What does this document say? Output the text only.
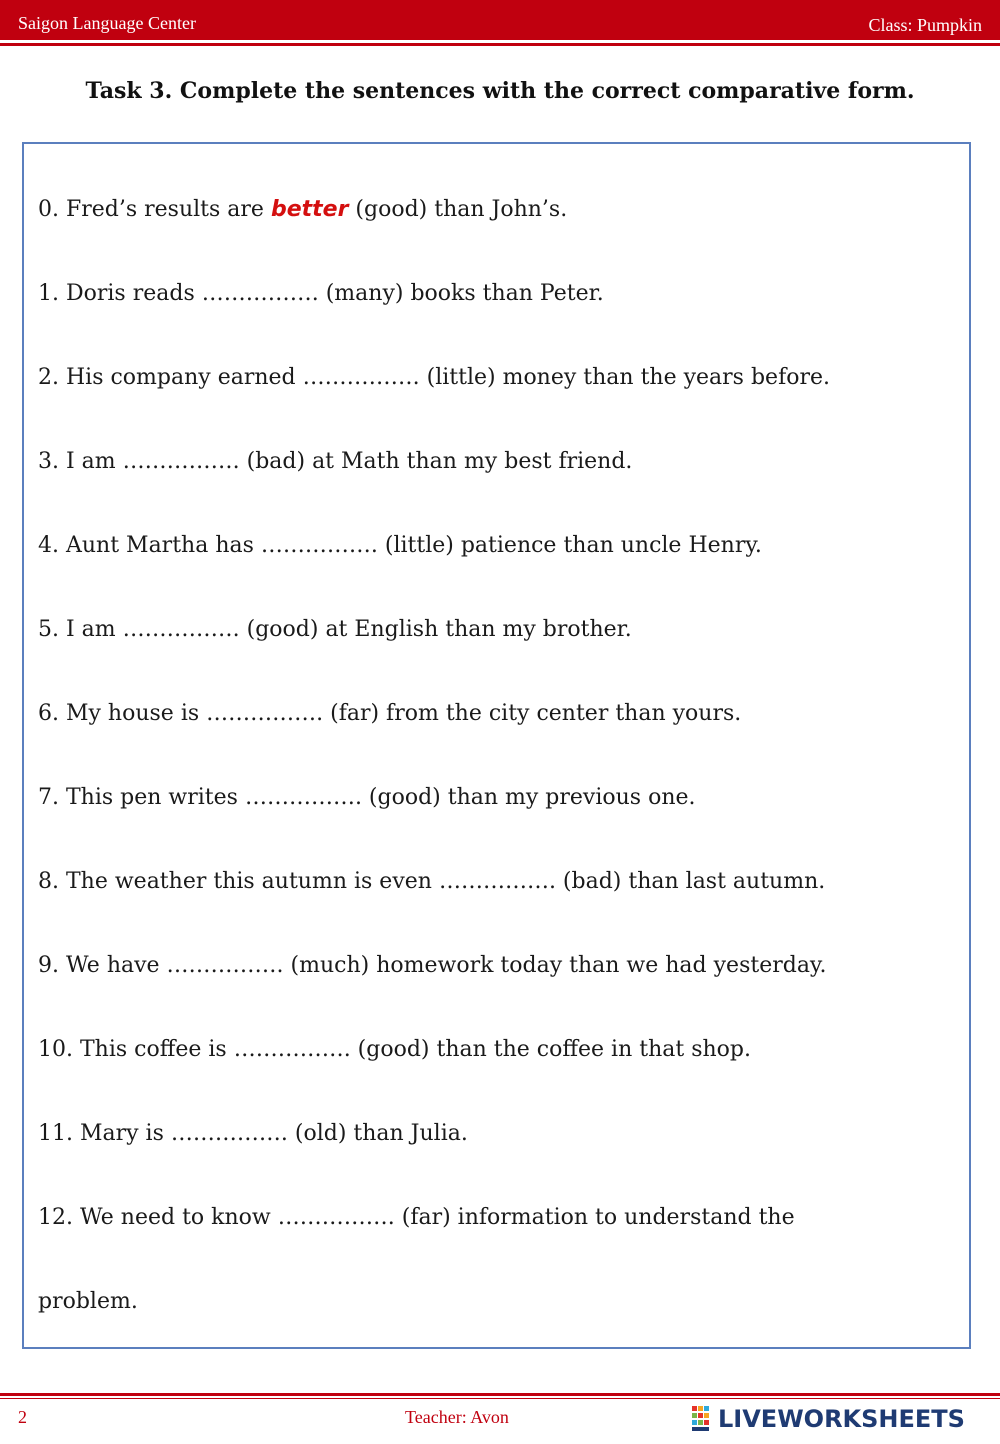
Saigon Language Center	Class: Pumpkin
Task 3. Complete the sentences with the correct comparative form.
0. Fred’s results are better (good) than John’s.
1. Doris reads ……………. (many) books than Peter.
2. His company earned ……………. (little) money than the years before.
3. I am ……………. (bad) at Math than my best friend.
4. Aunt Martha has ……………. (little) patience than uncle Henry.
5. I am ……………. (good) at English than my brother.
6. My house is ……………. (far) from the city center than yours.
7. This pen writes ……………. (good) than my previous one.
8. The weather this autumn is even ……………. (bad) than last autumn.
9. We have ……………. (much) homework today than we had yesterday.
10. This coffee is ……………. (good) than the coffee in that shop.
11. Mary is ……………. (old) than Julia.
12. We need to know ……………. (far) information to understand the
problem.
2	Teacher: Avon	LIVEWORKSHEETS
